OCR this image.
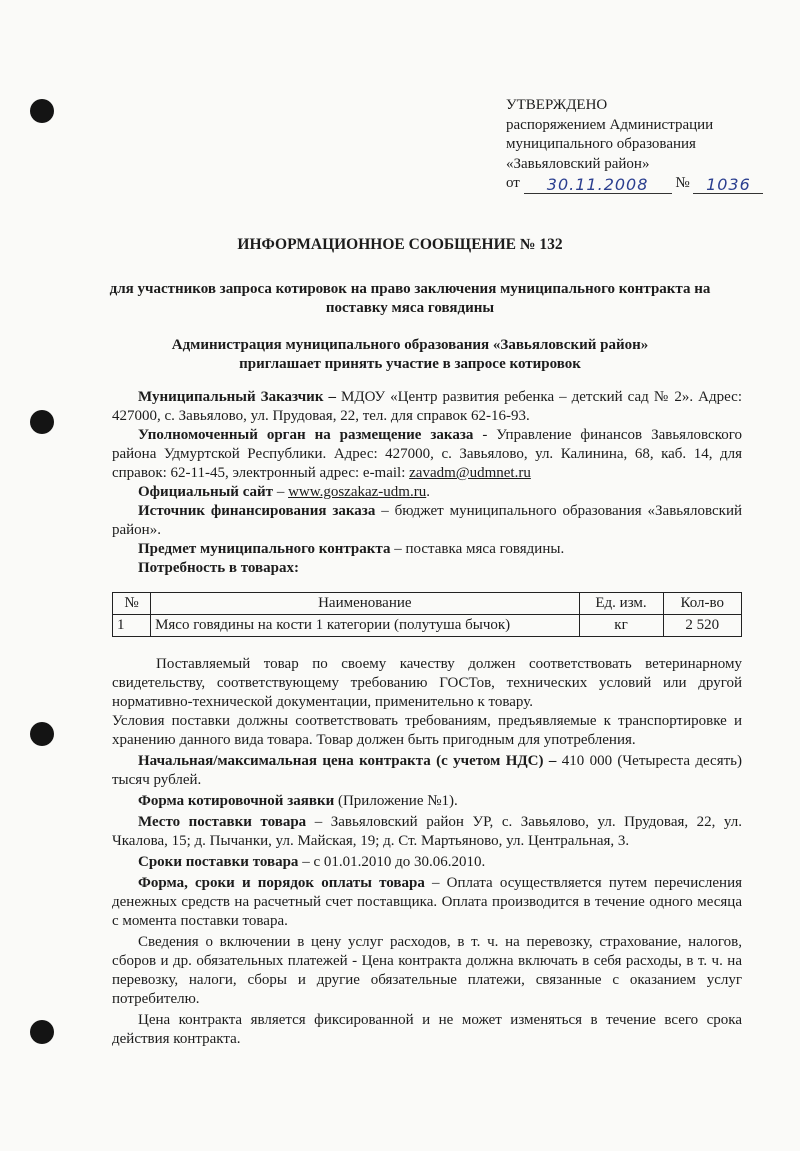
УТВЕРЖДЕНО
распоряжением Администрации
муниципального образования
«Завьяловский район»
от 30.11.2008 № 1036
ИНФОРМАЦИОННОЕ СООБЩЕНИЕ № 132
для участников запроса котировок на право заключения муниципального контракта на поставку мяса говядины
Администрация муниципального образования «Завьяловский район» приглашает принять участие в запросе котировок

Муниципальный Заказчик – МДОУ «Центр развития ребенка – детский сад № 2». Адрес: 427000, с. Завьялово, ул. Прудовая, 22, тел. для справок 62-16-93.

Уполномоченный орган на размещение заказа - Управление финансов Завьяловского района Удмуртской Республики. Адрес: 427000, с. Завьялово, ул. Калинина, 68, каб. 14, для справок: 62-11-45, электронный адрес: e-mail: zavadm@udmnet.ru

Официальный сайт – www.goszakaz-udm.ru.

Источник финансирования заказа – бюджет муниципального образования «Завьяловский район».

Предмет муниципального контракта – поставка мяса говядины.

Потребность в товарах:

№	Наименование	Ед. изм.	Кол-во
1	Мясо говядины на кости 1 категории (полутуша бычок)	кг	2 520

Поставляемый товар по своему качеству должен соответствовать ветеринарному свидетельству, соответствующему требованию ГОСТов, технических условий или другой нормативно-технической документации, применительно к товару.

Условия поставки должны соответствовать требованиям, предъявляемые к транспортировке и хранению данного вида товара. Товар должен быть пригодным для употребления.

Начальная/максимальная цена контракта (с учетом НДС) – 410 000 (Четыреста десять) тысяч рублей.

Форма котировочной заявки (Приложение №1).

Место поставки товара – Завьяловский район УР, с. Завьялово, ул. Прудовая, 22, ул. Чкалова, 15; д. Пычанки, ул. Майская, 19; д. Ст. Мартьяново, ул. Центральная, 3.

Сроки поставки товара – с 01.01.2010 до 30.06.2010.

Форма, сроки и порядок оплаты товара – Оплата осуществляется путем перечисления денежных средств на расчетный счет поставщика. Оплата производится в течение одного месяца с момента поставки товара.

Сведения о включении в цену услуг расходов, в т. ч. на перевозку, страхование, налогов, сборов и др. обязательных платежей - Цена контракта должна включать в себя расходы, в т. ч. на перевозку, налоги, сборы и другие обязательные платежи, связанные с оказанием услуг потребителю.

Цена контракта является фиксированной и не может изменяться в течение всего срока действия контракта.
